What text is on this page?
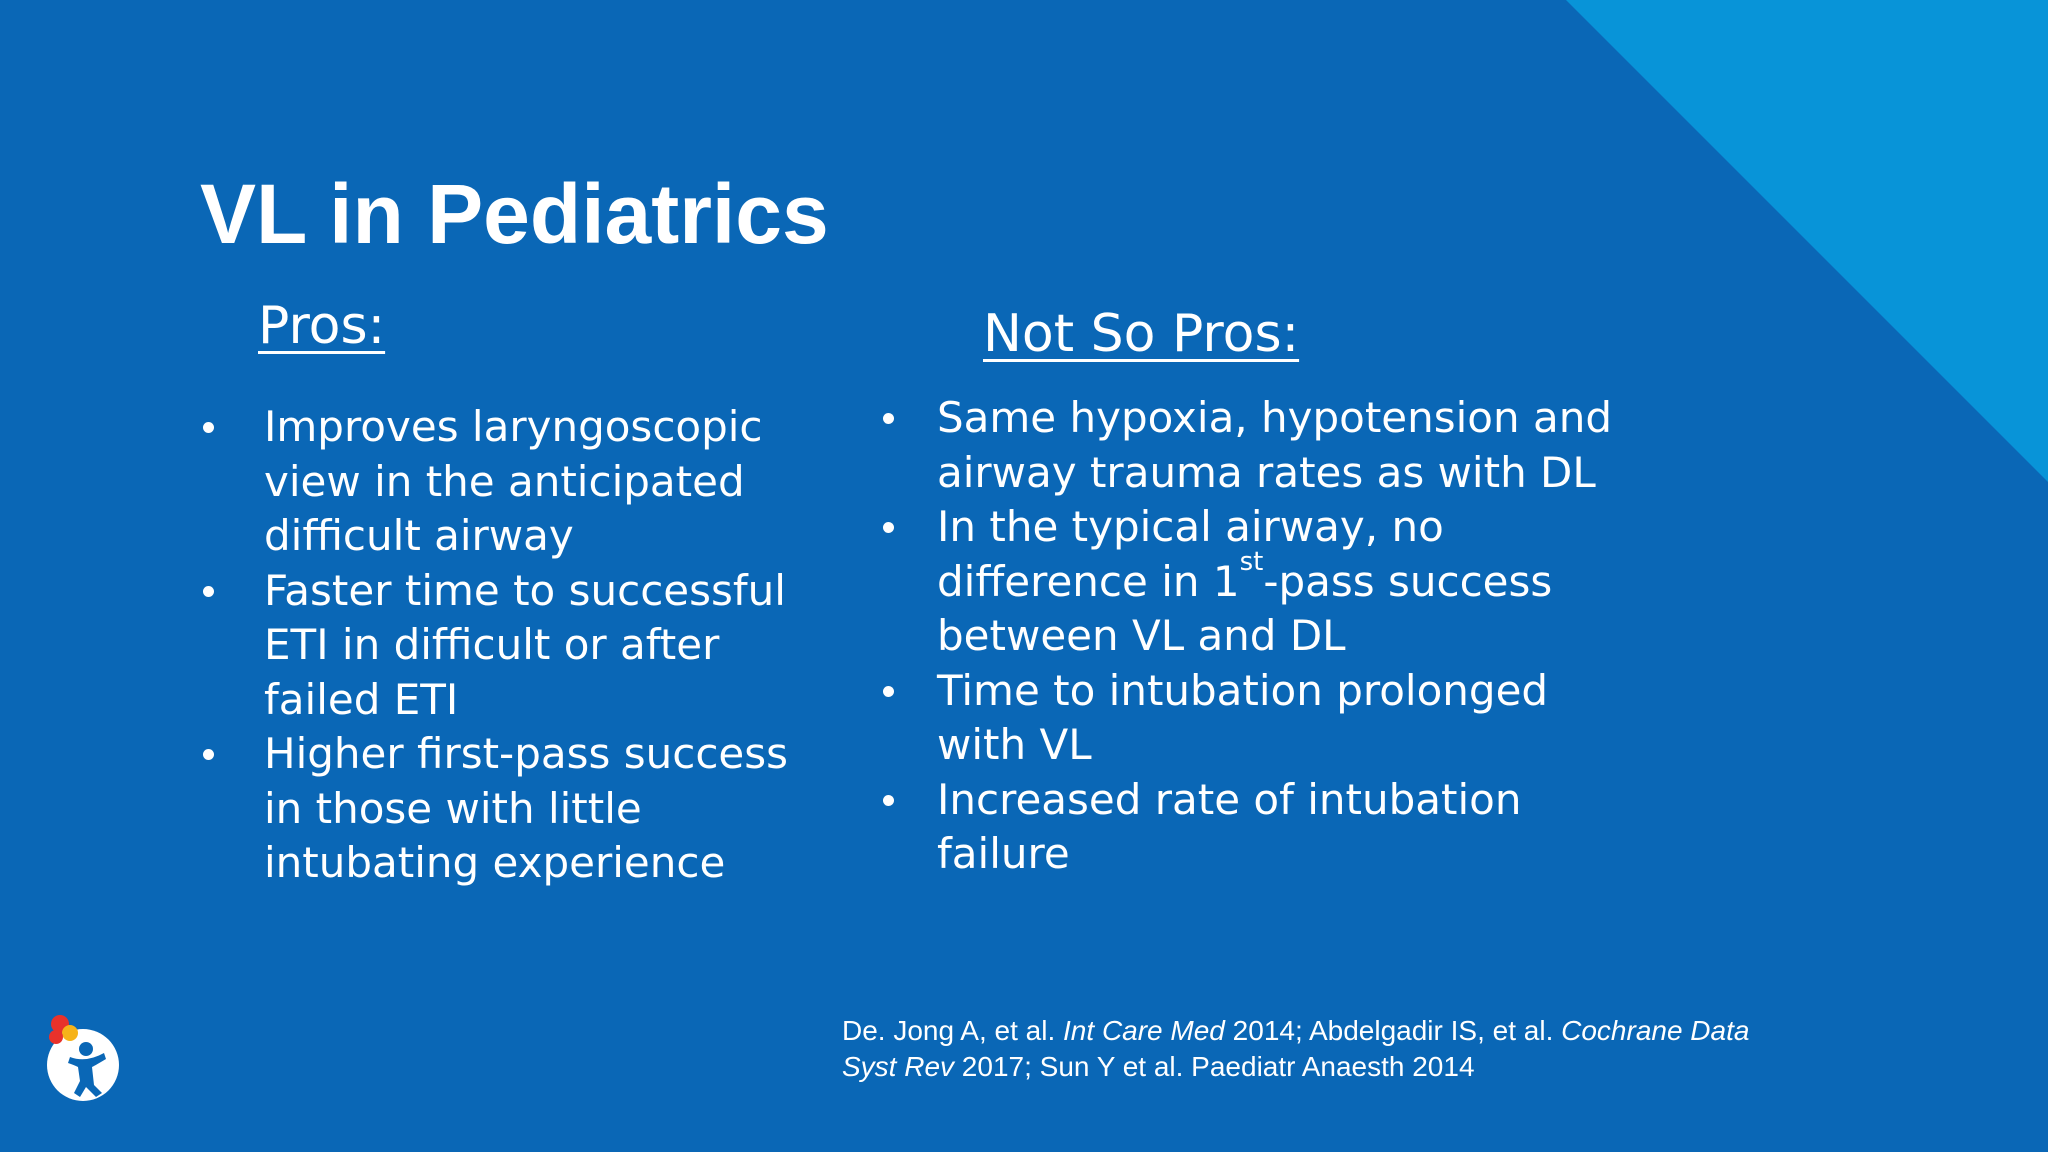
VL in Pediatrics
Pros:	Not So Pros:
Improves laryngoscopic view in the anticipated difficult airway
Faster time to successful ETI in difficult or after failed ETI
Higher first-pass success in those with little intubating experience
Same hypoxia, hypotension and airway trauma rates as with DL
In the typical airway, no difference in 1st-pass success between VL and DL
Time to intubation prolonged with VL
Increased rate of intubation failure
De. Jong A, et al. Int Care Med 2014; Abdelgadir IS, et al. Cochrane Data Syst Rev 2017; Sun Y et al. Paediatr Anaesth 2014
